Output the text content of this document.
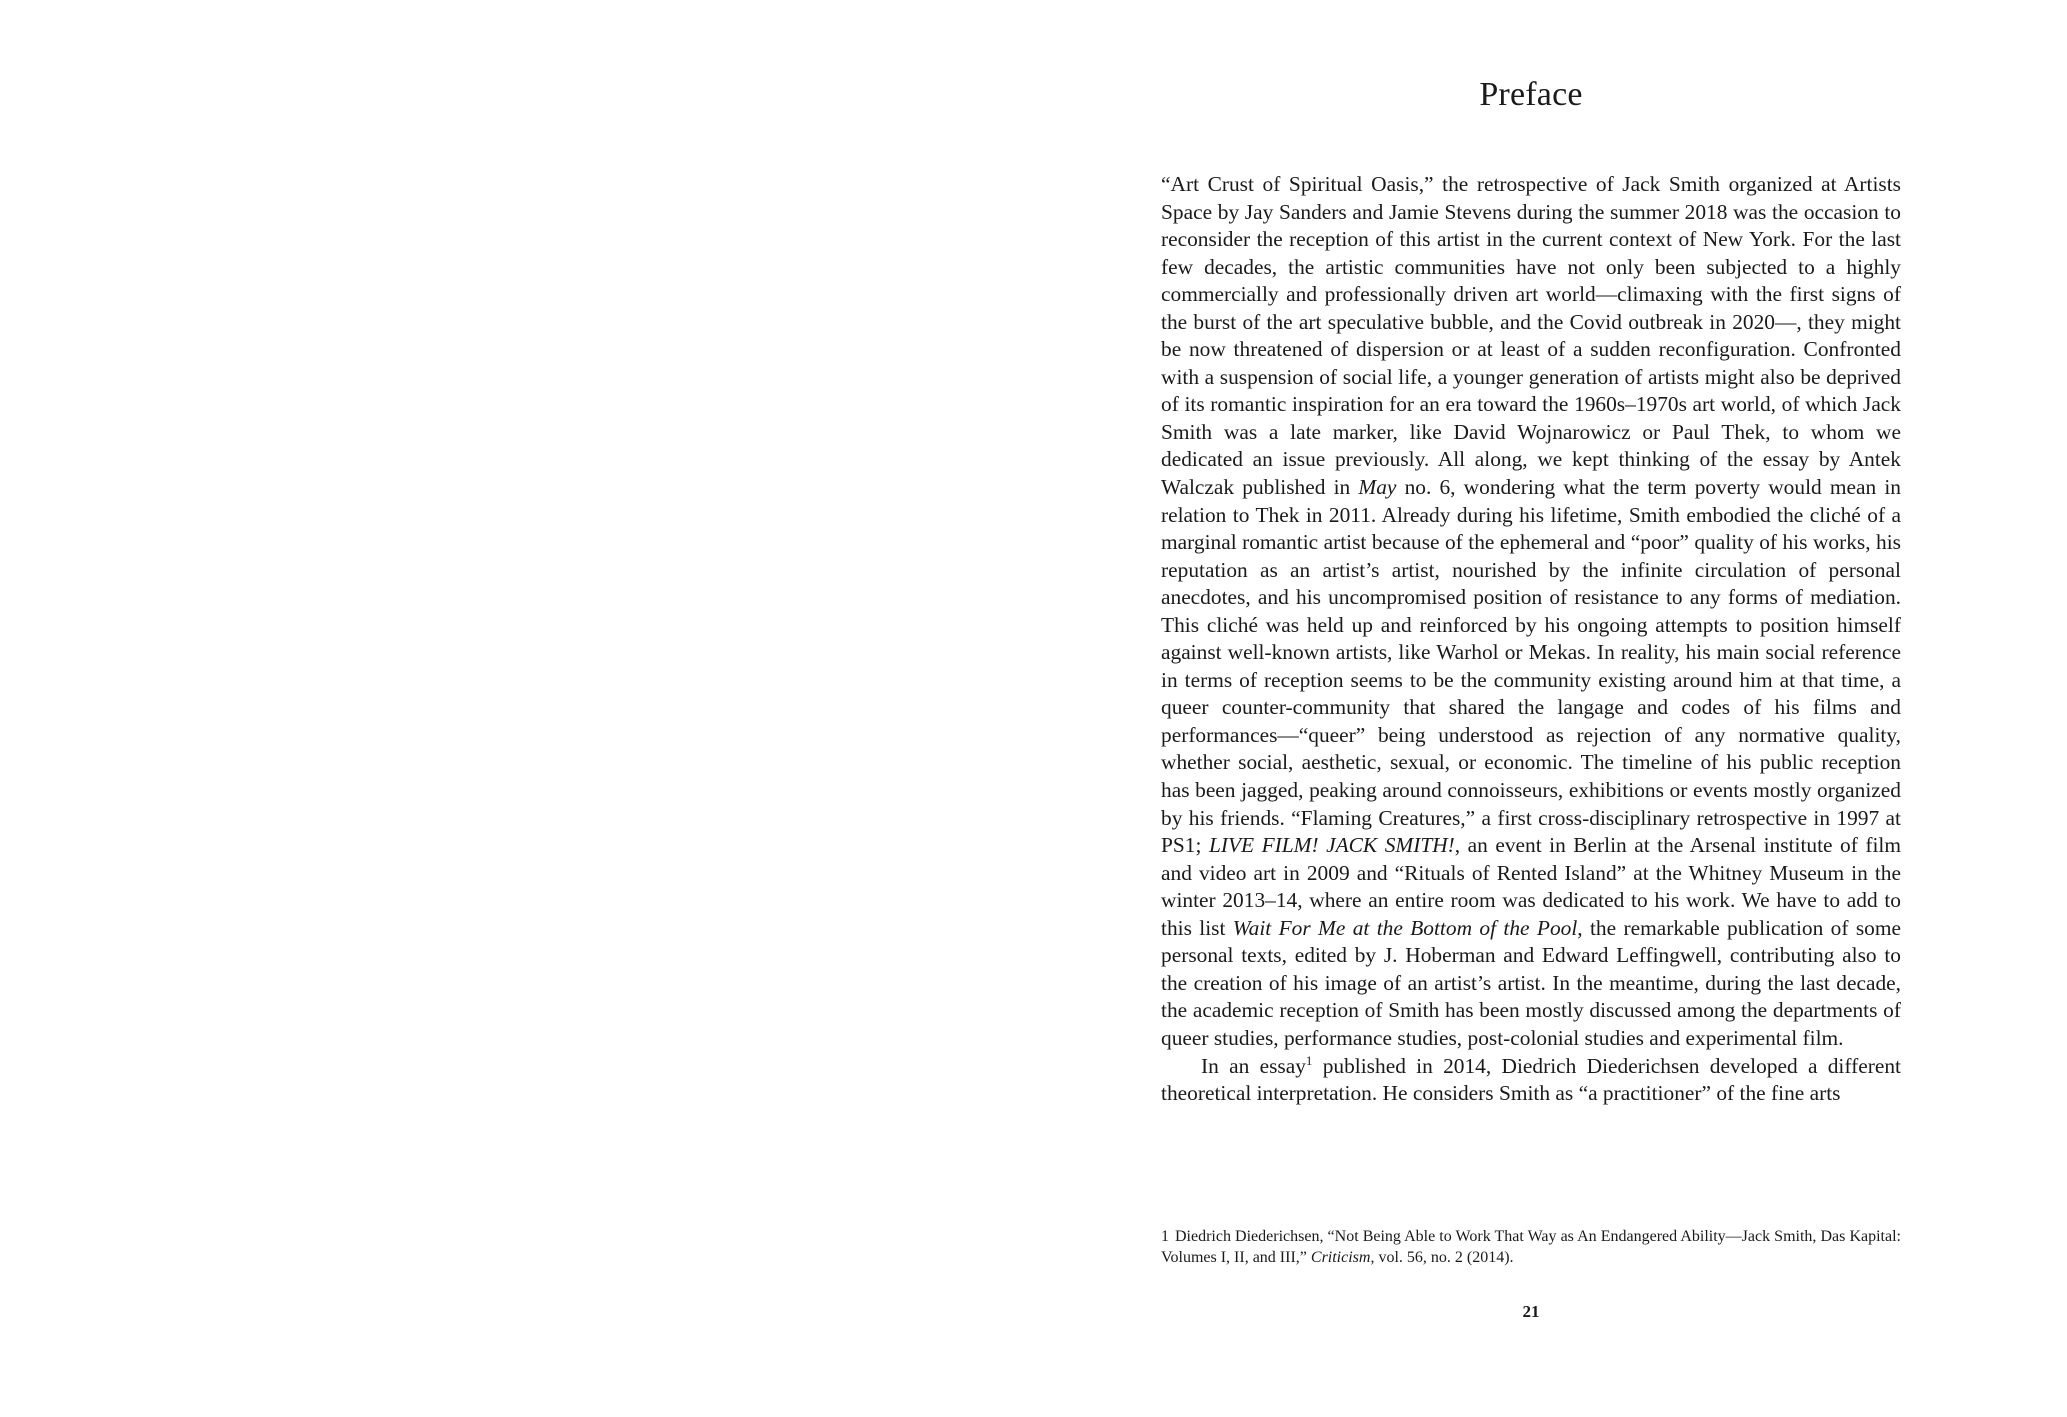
Preface

“Art Crust of Spiritual Oasis,” the retrospective of Jack Smith organized at Artists Space by Jay Sanders and Jamie Stevens during the summer 2018 was the occasion to reconsider the reception of this artist in the current context of New York. For the last few decades, the artistic communities have not only been subjected to a highly commercially and professionally driven art world—climaxing with the first signs of the burst of the art speculative bubble, and the Covid outbreak in 2020—, they might be now threatened of dispersion or at least of a sudden reconfiguration. Confronted with a suspension of social life, a younger generation of artists might also be deprived of its romantic inspiration for an era toward the 1960s–1970s art world, of which Jack Smith was a late marker, like David Wojnarowicz or Paul Thek, to whom we dedicated an issue previously. All along, we kept thinking of the essay by Antek Walczak published in May no. 6, wondering what the term poverty would mean in relation to Thek in 2011. Already during his lifetime, Smith embodied the cliché of a marginal romantic artist because of the ephemeral and “poor” quality of his works, his reputation as an artist’s artist, nourished by the infinite circulation of personal anecdotes, and his uncompromised position of resistance to any forms of mediation. This cliché was held up and reinforced by his ongoing attempts to position himself against well-known artists, like Warhol or Mekas. In reality, his main social reference in terms of reception seems to be the community existing around him at that time, a queer counter-community that shared the langage and codes of his films and performances—“queer” being understood as rejection of any normative quality, whether social, aesthetic, sexual, or economic. The timeline of his public reception has been jagged, peaking around connoisseurs, exhibitions or events mostly organized by his friends. “Flaming Creatures,” a first cross-disciplinary retrospective in 1997 at PS1; LIVE FILM! JACK SMITH!, an event in Berlin at the Arsenal institute of film and video art in 2009 and “Rituals of Rented Island” at the Whitney Museum in the winter 2013–14, where an entire room was dedicated to his work. We have to add to this list Wait For Me at the Bottom of the Pool, the remarkable publication of some personal texts, edited by J. Hoberman and Edward Leffingwell, contributing also to the creation of his image of an artist’s artist. In the meantime, during the last decade, the academic reception of Smith has been mostly discussed among the departments of queer studies, performance studies, post-colonial studies and experimental film.

In an essay$^1$ published in 2014, Diedrich Diederichsen developed a different theoretical interpretation. He considers Smith as “a practitioner” of the fine arts

1 Diedrich Diederichsen, “Not Being Able to Work That Way as An Endangered Ability—Jack Smith, Das Kapital: Volumes I, II, and III,” Criticism, vol. 56, no. 2 (2014).

21
